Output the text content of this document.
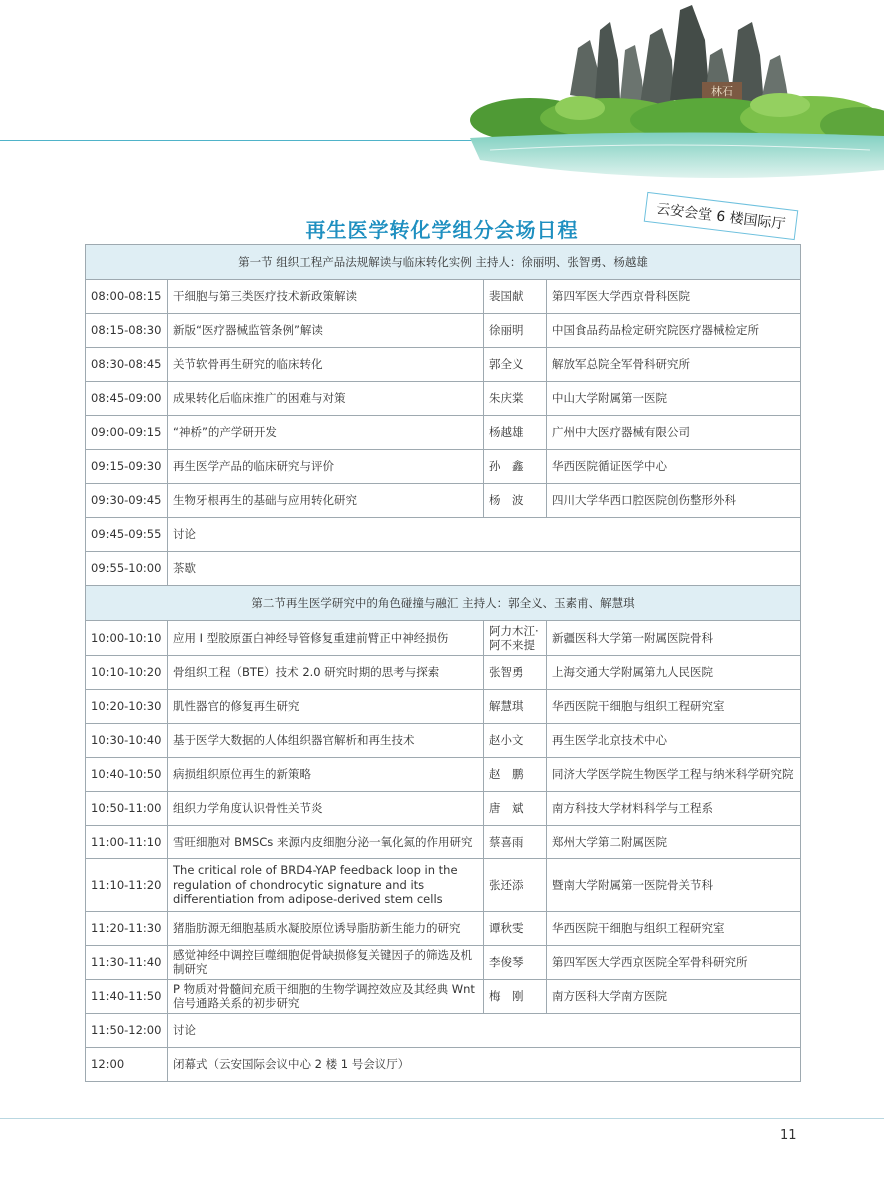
林石
再生医学转化学组分会场日程	云安会堂 6 楼国际厅
第一节 组织工程产品法规解读与临床转化实例 主持人：徐丽明、张智勇、杨越雄			
08:00-08:15	干细胞与第三类医疗技术新政策解读	裴国献	第四军医大学西京骨科医院
08:15-08:30	新版“医疗器械监管条例”解读	徐丽明	中国食品药品检定研究院医疗器械检定所
08:30-08:45	关节软骨再生研究的临床转化	郭全义	解放军总院全军骨科研究所
08:45-09:00	成果转化后临床推广的困难与对策	朱庆棠	中山大学附属第一医院
09:00-09:15	“神桥”的产学研开发	杨越雄	广州中大医疗器械有限公司
09:15-09:30	再生医学产品的临床研究与评价	孙　鑫	华西医院循证医学中心
09:30-09:45	生物牙根再生的基础与应用转化研究	杨　波	四川大学华西口腔医院创伤整形外科
09:45-09:55	讨论		
09:55-10:00	茶歇		
第二节再生医学研究中的角色碰撞与融汇 主持人：郭全义、玉素甫、解慧琪			
10:00-10:10	应用 I 型胶原蛋白神经导管修复重建前臂正中神经损伤	阿力木江·阿不来提	新疆医科大学第一附属医院骨科
10:10-10:20	骨组织工程（BTE）技术 2.0 研究时期的思考与探索	张智勇	上海交通大学附属第九人民医院
10:20-10:30	肌性器官的修复再生研究	解慧琪	华西医院干细胞与组织工程研究室
10:30-10:40	基于医学大数据的人体组织器官解析和再生技术	赵小文	再生医学北京技术中心
10:40-10:50	病损组织原位再生的新策略	赵　鹏	同济大学医学院生物医学工程与纳米科学研究院
10:50-11:00	组织力学角度认识骨性关节炎	唐　斌	南方科技大学材料科学与工程系
11:00-11:10	雪旺细胞对 BMSCs 来源内皮细胞分泌一氧化氮的作用研究	蔡喜雨	郑州大学第二附属医院
11:10-11:20	The critical role of BRD4-YAP feedback loop in the regulation of chondrocytic signature and its differentiation from adipose-derived stem cells	张还添	暨南大学附属第一医院骨关节科
11:20-11:30	猪脂肪源无细胞基质水凝胶原位诱导脂肪新生能力的研究	谭秋雯	华西医院干细胞与组织工程研究室
11:30-11:40	感觉神经中调控巨噬细胞促骨缺损修复关键因子的筛选及机制研究	李俊琴	第四军医大学西京医院全军骨科研究所
11:40-11:50	P 物质对骨髓间充质干细胞的生物学调控效应及其经典 Wnt 信号通路关系的初步研究	梅　刚	南方医科大学南方医院
11:50-12:00	讨论		
12:00	闭幕式（云安国际会议中心 2 楼 1 号会议厅）		
11
